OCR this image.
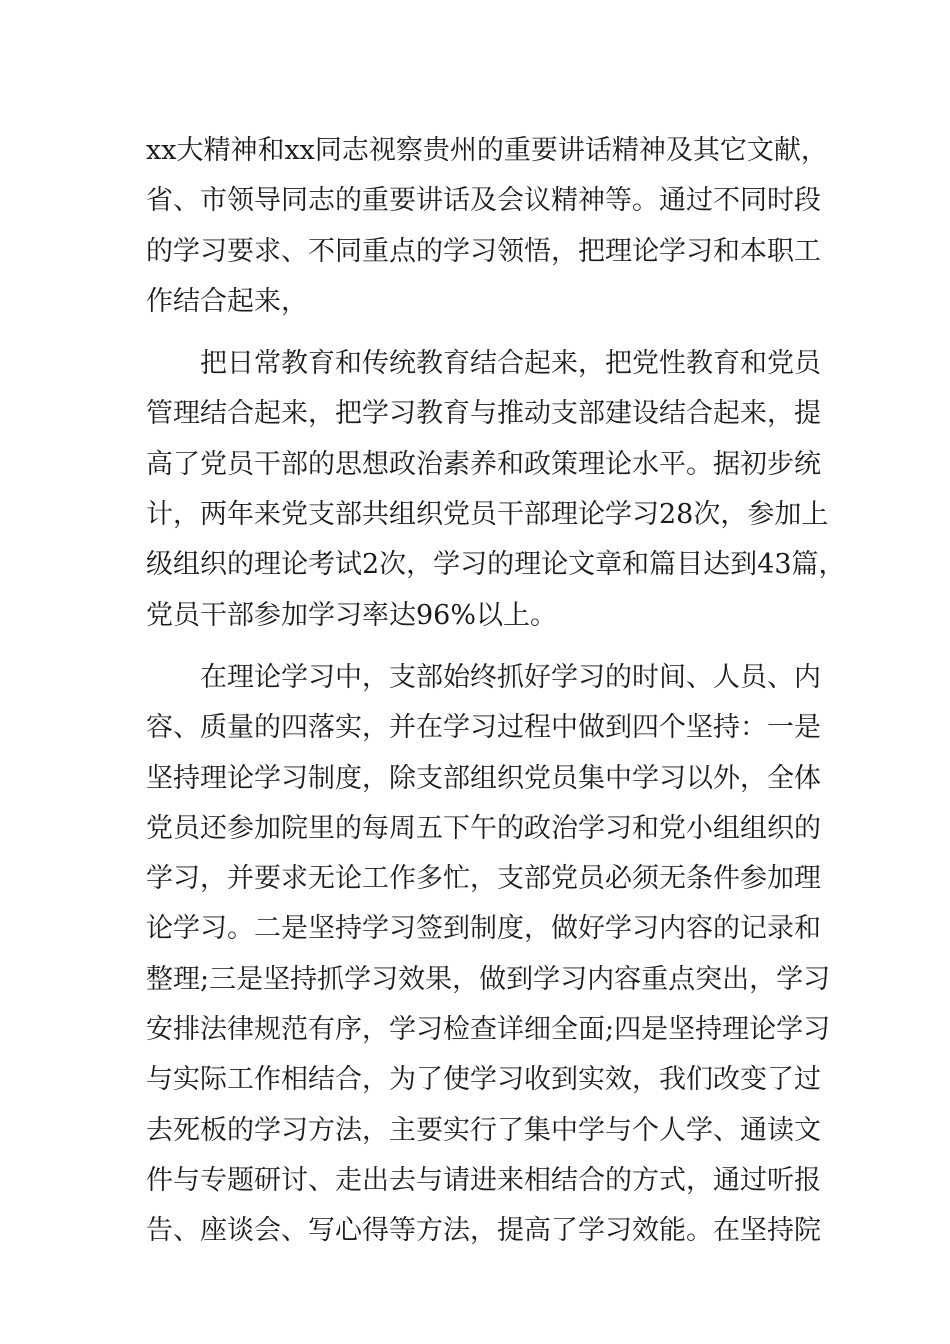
xx大精神和xx同志视察贵州的重要讲话精神及其它文献，
省、市领导同志的重要讲话及会议精神等。通过不同时段
的学习要求、不同重点的学习领悟，把理论学习和本职工
作结合起来，
把日常教育和传统教育结合起来，把党性教育和党员
管理结合起来，把学习教育与推动支部建设结合起来，提
高了党员干部的思想政治素养和政策理论水平。据初步统
计，两年来党支部共组织党员干部理论学习28次，参加上
级组织的理论考试2次，学习的理论文章和篇目达到43篇，
党员干部参加学习率达96%以上。
在理论学习中，支部始终抓好学习的时间、人员、内
容、质量的四落实，并在学习过程中做到四个坚持：一是
坚持理论学习制度，除支部组织党员集中学习以外，全体
党员还参加院里的每周五下午的政治学习和党小组组织的
学习，并要求无论工作多忙，支部党员必须无条件参加理
论学习。二是坚持学习签到制度，做好学习内容的记录和
整理;三是坚持抓学习效果，做到学习内容重点突出，学习
安排法律规范有序，学习检查详细全面;四是坚持理论学习
与实际工作相结合，为了使学习收到实效，我们改变了过
去死板的学习方法，主要实行了集中学与个人学、通读文
件与专题研讨、走出去与请进来相结合的方式，通过听报
告、座谈会、写心得等方法，提高了学习效能。在坚持院
